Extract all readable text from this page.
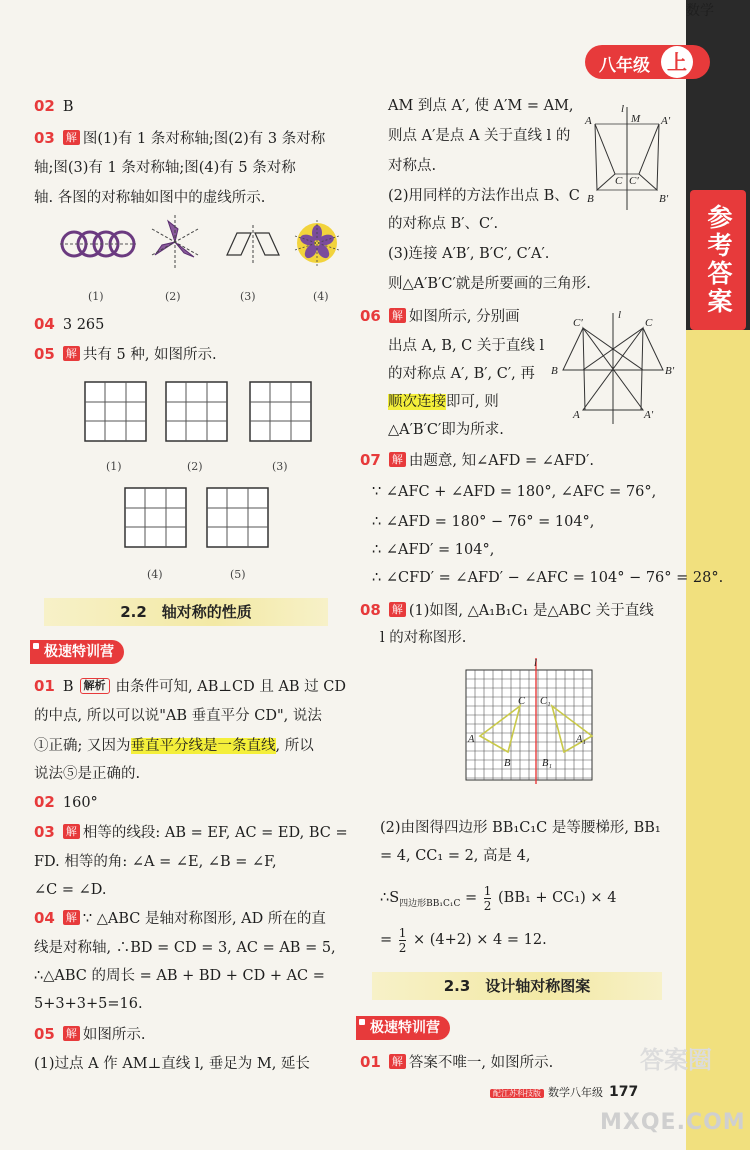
数学
参考答案
八年级 上
02 B
03 解 图(1)有 1 条对称轴;图(2)有 3 条对称
轴;图(3)有 1 条对称轴;图(4)有 5 条对称
轴. 各图的对称轴如图中的虚线所示.
(1)	(2)	(3)	(4)
04 3 265
05 解 共有 5 种, 如图所示.
(1)	(2)	(3)
(4)	(5)
2.2　轴对称的性质
极速特训营
01 B 解析 由条件可知, AB⊥CD 且 AB 过 CD
的中点, 所以可以说"AB 垂直平分 CD", 说法
①正确; 又因为垂直平分线是一条直线, 所以
说法⑤是正确的.
02 160°
03 解 相等的线段: AB = EF, AC = ED, BC =
FD. 相等的角: ∠A = ∠E, ∠B = ∠F,
∠C = ∠D.
04 解 ∵ △ABC 是轴对称图形, AD 所在的直
线是对称轴, ∴BD = CD = 3, AC = AB = 5,
∴△ABC 的周长 = AB + BD + CD + AC =
5+3+3+5=16.
05 解 如图所示.
(1)过点 A 作 AM⊥直线 l, 垂足为 M, 延长
AM 到点 A′, 使 A′M = AM,
则点 A′是点 A 关于直线 l 的
对称点.
(2)用同样的方法作出点 B、C
的对称点 B′、C′.
(3)连接 A′B′, B′C′, C′A′.
则△A′B′C′就是所要画的三角形.
l
A	M A′
C C′
B	B′
06 解 如图所示, 分别画
出点 A, B, C 关于直线 l
的对称点 A′, B′, C′, 再
顺次连接即可, 则
△A′B′C′即为所求.
l
C′	C
B	B′
A	A′
07 解 由题意, 知∠AFD = ∠AFD′.
∵ ∠AFC + ∠AFD = 180°, ∠AFC = 76°,
∴ ∠AFD = 180° − 76° = 104°,
∴ ∠AFD′ = 104°,
∴ ∠CFD′ = ∠AFD′ − ∠AFC = 104° − 76° = 28°.
08 解 (1)如图, △A₁B₁C₁ 是△ABC 关于直线
l 的对称图形.
l
C C₁
A	A₁
B	B₁
(2)由图得四边形 BB₁C₁C 是等腰梯形, BB₁
= 4, CC₁ = 2, 高是 4,
$\therefore S_{四边形BB_1C_1C} = \frac{1}{2} (BB_1 + CC_1) \times 4$
= $\frac{1}{2} \times (4+2) \times 4 = 12$.
2.3　设计轴对称图案
极速特训营
01 解 答案不唯一, 如图所示.
配江苏科技版 数学八年级 177
答案圈
MXQE.COM
